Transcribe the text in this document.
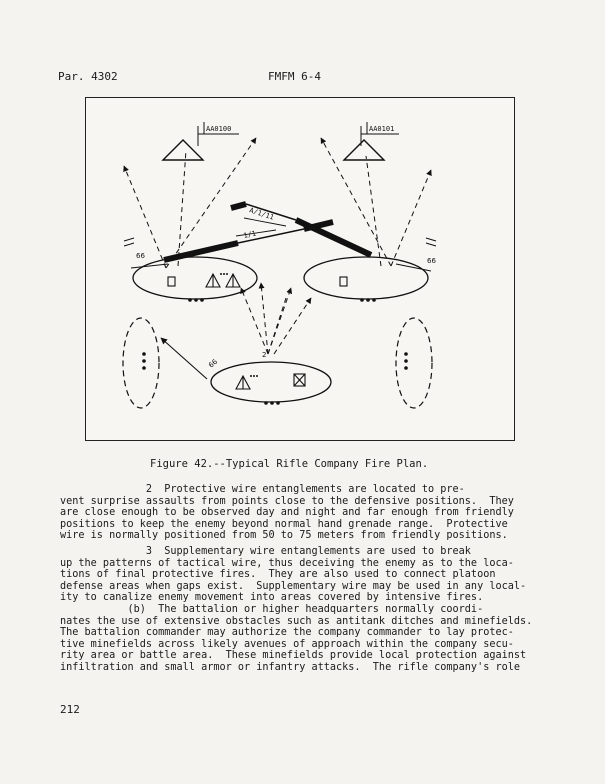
Par. 4302	FMFM 6-4
AA0100	AA0101
A/1/11
1/1
66
66
66
2
Figure 42.--Typical Rifle Company Fire Plan.
2  Protective wire entanglements are located to pre-
vent surprise assaults from points close to the defensive positions.  They
are close enough to be observed day and night and far enough from friendly
positions to keep the enemy beyond normal hand grenade range.  Protective
wire is normally positioned from 50 to 75 meters from friendly positions.
3  Supplementary wire entanglements are used to break
up the patterns of tactical wire, thus deceiving the enemy as to the loca-
tions of final protective fires.  They are also used to connect platoon
defense areas when gaps exist.  Supplementary wire may be used in any local-
ity to canalize enemy movement into areas covered by intensive fires.
(b)  The battalion or higher headquarters normally coordi-
nates the use of extensive obstacles such as antitank ditches and minefields.
The battalion commander may authorize the company commander to lay protec-
tive minefields across likely avenues of approach within the company secu-
rity area or battle area.  These minefields provide local protection against
infiltration and small armor or infantry attacks.  The rifle company's role
212
